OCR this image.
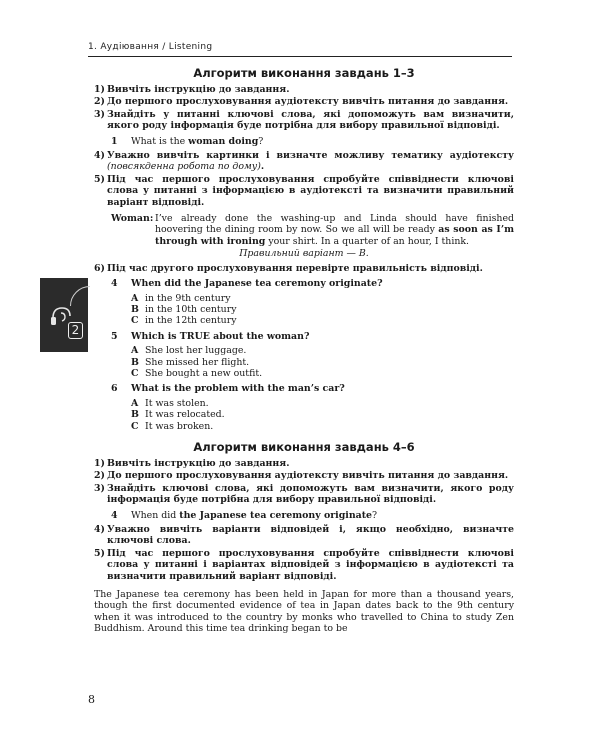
1. Аудіювання / Listening
2
Алгоритм виконання завдань 1–3
1) Вивчіть інструкцію до завдання.
2) До першого прослуховування аудіотексту вивчіть питання до завдання.
3) Знайдіть у питанні ключові слова, які допоможуть вам визначити, якого роду інформація буде потрібна для вибору правильної відповіді.
1	What is the woman doing?
4) Уважно вивчіть картинки і визначте можливу тематику аудіотексту (повсякденна робота по дому).
5) Під час першого прослуховування спробуйте співвіднести ключові слова у питанні з інформацією в аудіотексті та визначити правильний варіант відповіді.
Woman: I’ve already done the washing-up and Linda should have finished hoovering the dining room by now. So we all will be ready as soon as I’m through with ironing your shirt. In a quarter of an hour, I think.
Правильний варіант — B.
6) Під час другого прослуховування перевірте правильність відповіді.
4	When did the Japanese tea ceremony originate?
A in the 9th century
B in the 10th century
C in the 12th century
5	Which is TRUE about the woman?
A She lost her luggage.
B She missed her flight.
C She bought a new outfit.
6	What is the problem with the man’s car?
A It was stolen.
B It was relocated.
C It was broken.
Алгоритм виконання завдань 4–6
1) Вивчіть інструкцію до завдання.
2) До першого прослуховування аудіотексту вивчіть питання до завдання.
3) Знайдіть ключові слова, які допоможуть вам визначити, якого роду інформація буде потрібна для вибору правильної відповіді.
4	When did the Japanese tea ceremony originate?
4) Уважно вивчіть варіанти відповідей і, якщо необхідно, визначте ключові слова.
5) Під час першого прослуховування спробуйте співвіднести ключові слова у питанні і варіантах відповідей з інформацією в аудіотексті та визначити правильний варіант відповіді.
The Japanese tea ceremony has been held in Japan for more than a thousand years, though the first documented evidence of tea in Japan dates back to the 9th century when it was introduced to the country by monks who travelled to China to study Zen Buddhism. Around this time tea drinking began to be
8
